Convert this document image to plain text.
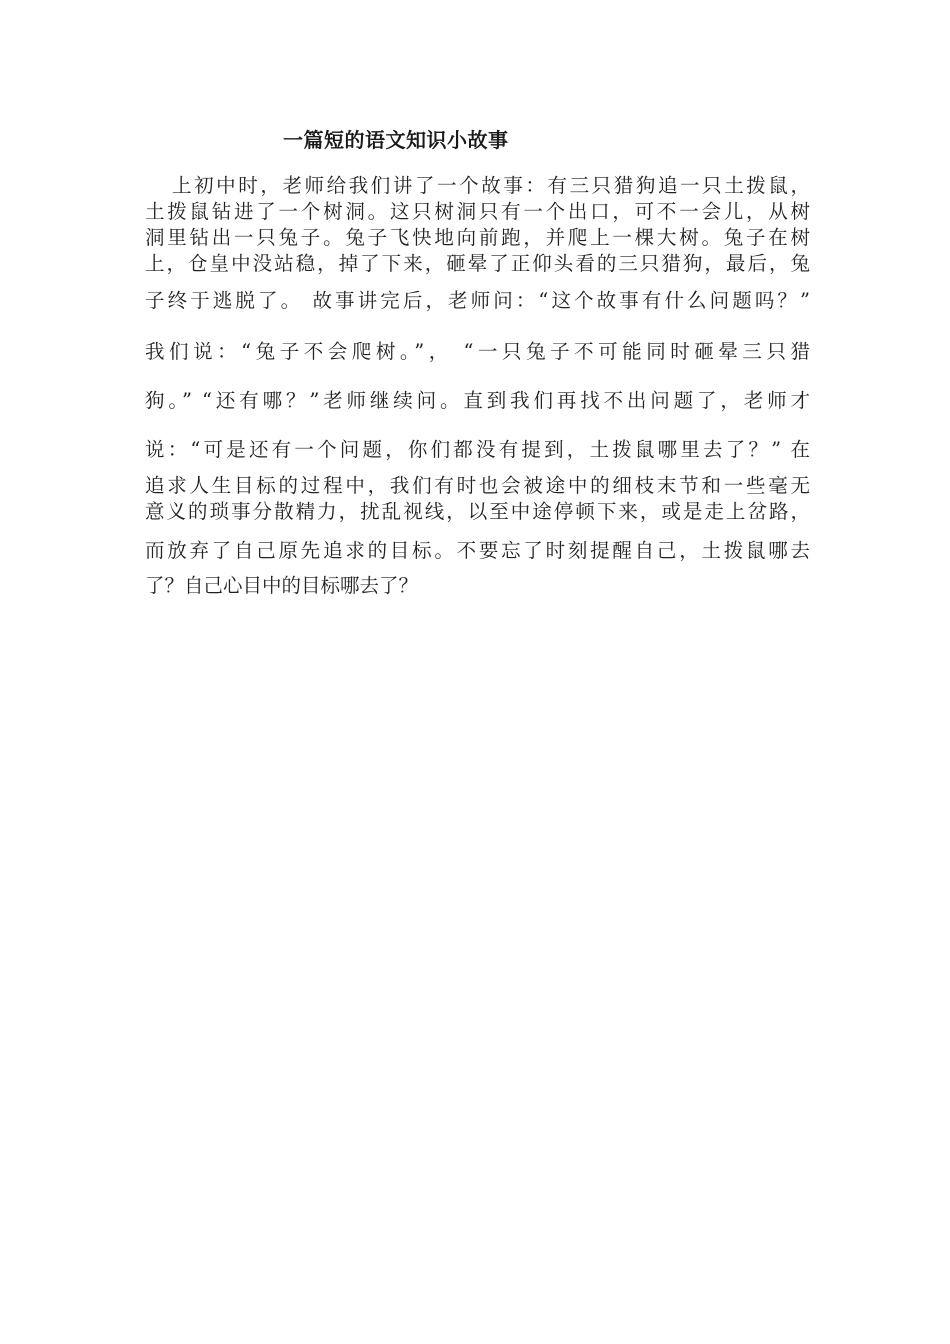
一篇短的语文知识小故事
上初中时，老师给我们讲了一个故事：有三只猎狗追一只土拨鼠，
土拨鼠钻进了一个树洞。这只树洞只有一个出口，可不一会儿，从树
洞里钻出一只兔子。兔子飞快地向前跑，并爬上一棵大树。兔子在树
上，仓皇中没站稳，掉了下来，砸晕了正仰头看的三只猎狗，最后，兔
子终于逃脱了。 故事讲完后，老师问：“这个故事有什么问题吗？”
我们说：“兔子不会爬树。”， “一只兔子不可能同时砸晕三只猎
狗。” “还有哪？”老师继续问。直到我们再找不出问题了，老师才
说：“可是还有一个问题，你们都没有提到，土拨鼠哪里去了？” 在
追求人生目标的过程中，我们有时也会被途中的细枝末节和一些毫无
意义的琐事分散精力，扰乱视线，以至中途停顿下来，或是走上岔路，
而放弃了自己原先追求的目标。不要忘了时刻提醒自己，土拨鼠哪去
了？自己心目中的目标哪去了？
